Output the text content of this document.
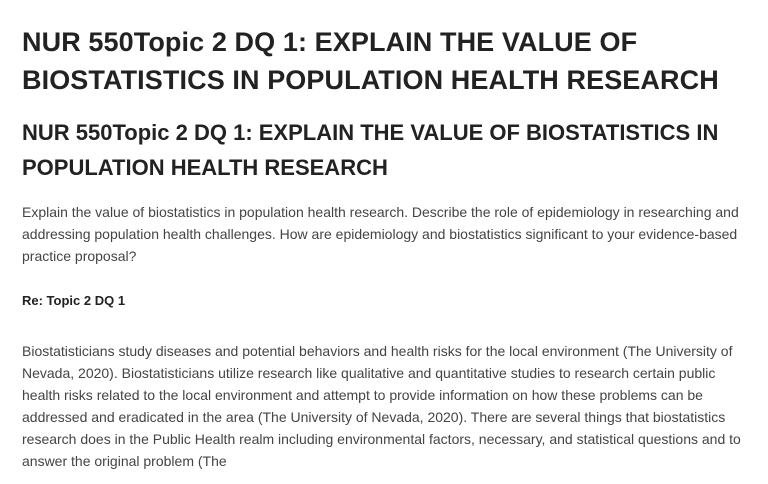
NUR 550Topic 2 DQ 1: EXPLAIN THE VALUE OF BIOSTATISTICS IN POPULATION HEALTH RESEARCH
NUR 550Topic 2 DQ 1: EXPLAIN THE VALUE OF BIOSTATISTICS IN POPULATION HEALTH RESEARCH

Explain the value of biostatistics in population health research. Describe the role of epidemiology in researching and addressing population health challenges. How are epidemiology and biostatistics significant to your evidence-based practice proposal?

Re: Topic 2 DQ 1

Biostatisticians study diseases and potential behaviors and health risks for the local environment (The University of Nevada, 2020). Biostatisticians utilize research like qualitative and quantitative studies to research certain public health risks related to the local environment and attempt to provide information on how these problems can be addressed and eradicated in the area (The University of Nevada, 2020). There are several things that biostatistics research does in the Public Health realm including environmental factors, necessary, and statistical questions and to answer the original problem (The
